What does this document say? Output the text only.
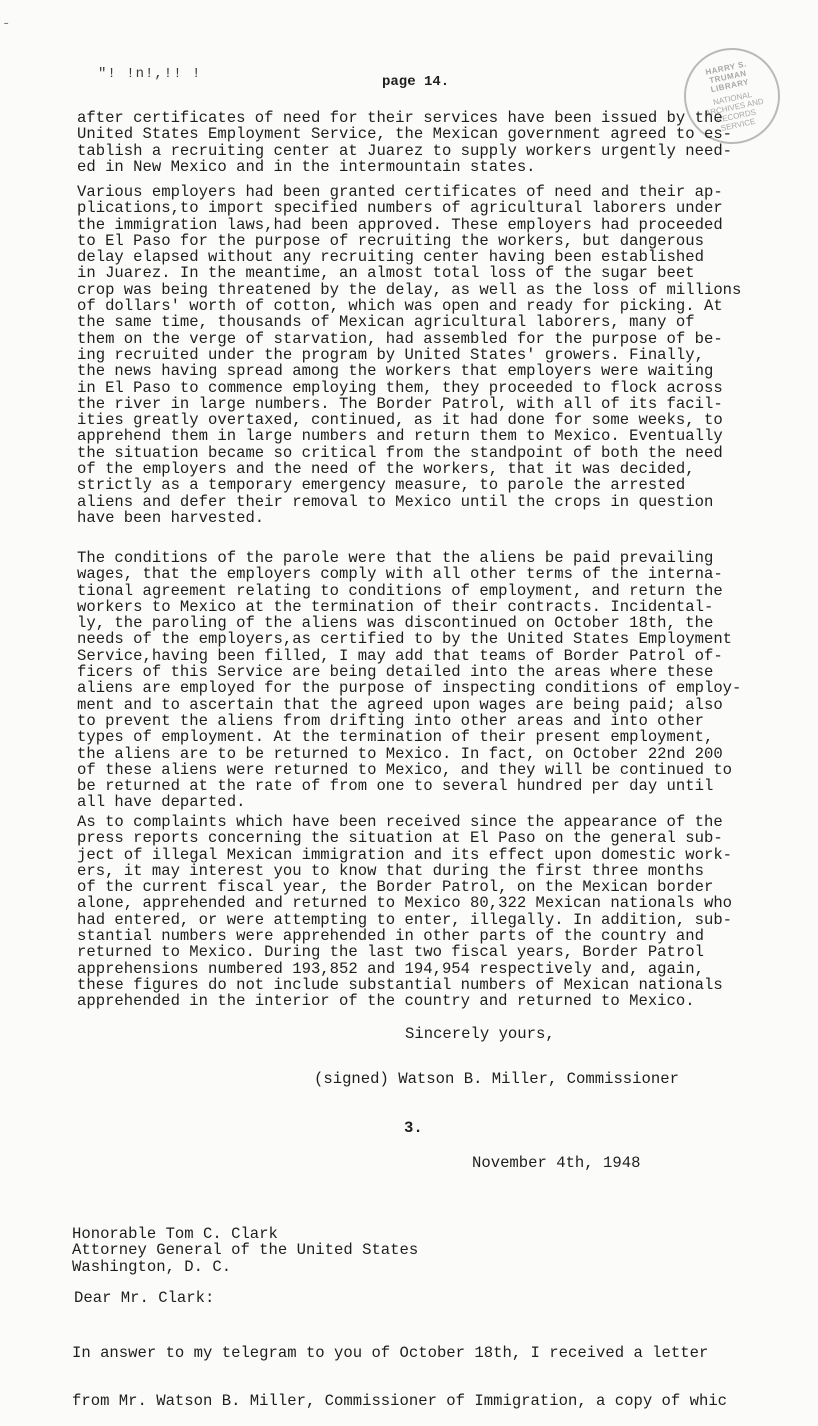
-
"! !n!,!! !	page 14.
HARRY S. TRUMAN LIBRARY
NATIONAL ARCHIVES AND RECORDS SERVICE
after certificates of need for their services have been issued by the
United States Employment Service, the Mexican government agreed to es-
tablish a recruiting center at Juarez to supply workers urgently need-
ed in New Mexico and in the intermountain states.
Various employers had been granted certificates of need and their ap-
plications,to import specified numbers of agricultural laborers under
the immigration laws,had been approved. These employers had proceeded
to El Paso for the purpose of recruiting the workers, but dangerous
delay elapsed without any recruiting center having been established
in Juarez. In the meantime, an almost total loss of the sugar beet
crop was being threatened by the delay, as well as the loss of millions
of dollars' worth of cotton, which was open and ready for picking. At
the same time, thousands of Mexican agricultural laborers, many of
them on the verge of starvation, had assembled for the purpose of be-
ing recruited under the program by United States' growers. Finally,
the news having spread among the workers that employers were waiting
in El Paso to commence employing them, they proceeded to flock across
the river in large numbers. The Border Patrol, with all of its facil-
ities greatly overtaxed, continued, as it had done for some weeks, to
apprehend them in large numbers and return them to Mexico. Eventually
the situation became so critical from the standpoint of both the need
of the employers and the need of the workers, that it was decided,
strictly as a temporary emergency measure, to parole the arrested
aliens and defer their removal to Mexico until the crops in question
have been harvested.
The conditions of the parole were that the aliens be paid prevailing
wages, that the employers comply with all other terms of the interna-
tional agreement relating to conditions of employment, and return the
workers to Mexico at the termination of their contracts. Incidental-
ly, the paroling of the aliens was discontinued on October 18th, the
needs of the employers,as certified to by the United States Employment
Service,having been filled, I may add that teams of Border Patrol of-
ficers of this Service are being detailed into the areas where these
aliens are employed for the purpose of inspecting conditions of employ-
ment and to ascertain that the agreed upon wages are being paid; also
to prevent the aliens from drifting into other areas and into other
types of employment. At the termination of their present employment,
the aliens are to be returned to Mexico. In fact, on October 22nd 200
of these aliens were returned to Mexico, and they will be continued to
be returned at the rate of from one to several hundred per day until
all have departed.
As to complaints which have been received since the appearance of the
press reports concerning the situation at El Paso on the general sub-
ject of illegal Mexican immigration and its effect upon domestic work-
ers, it may interest you to know that during the first three months
of the current fiscal year, the Border Patrol, on the Mexican border
alone, apprehended and returned to Mexico 80,322 Mexican nationals who
had entered, or were attempting to enter, illegally. In addition, sub-
stantial numbers were apprehended in other parts of the country and
returned to Mexico. During the last two fiscal years, Border Patrol
apprehensions numbered 193,852 and 194,954 respectively and, again,
these figures do not include substantial numbers of Mexican nationals
apprehended in the interior of the country and returned to Mexico.
Sincerely yours,
(signed) Watson B. Miller, Commissioner
3.
November 4th, 1948
Honorable Tom C. Clark
Attorney General of the United States
Washington, D. C.
Dear Mr. Clark:

In answer to my telegram to you of October 18th, I received a letter

from Mr. Watson B. Miller, Commissioner of Immigration, a copy of whic
